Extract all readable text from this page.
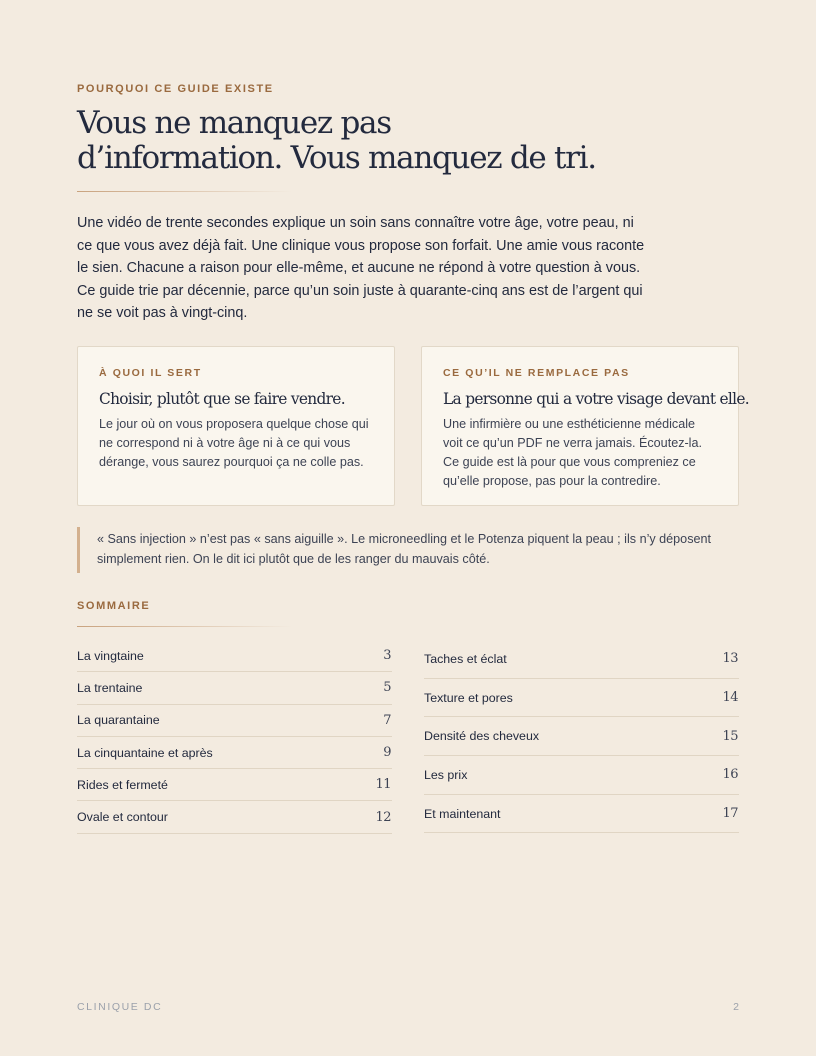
POURQUOI CE GUIDE EXISTE
Vous ne manquez pas
d’information. Vous manquez de tri.

Une vidéo de trente secondes explique un soin sans connaître votre âge, votre peau, ni ce que vous avez déjà fait. Une clinique vous propose son forfait. Une amie vous raconte le sien. Chacune a raison pour elle-même, et aucune ne répond à votre question à vous. Ce guide trie par décennie, parce qu’un soin juste à quarante-cinq ans est de l’argent qui ne se voit pas à vingt-cinq.

À QUOI IL SERT
Choisir, plutôt que se faire vendre.

Le jour où on vous proposera quelque chose qui ne correspond ni à votre âge ni à ce qui vous dérange, vous saurez pourquoi ça ne colle pas.

CE QU’IL NE REMPLACE PAS
La personne qui a votre visage devant elle.

Une infirmière ou une esthéticienne médicale voit ce qu’un PDF ne verra jamais. Écoutez-la. Ce guide est là pour que vous compreniez ce qu’elle propose, pas pour la contredire.

« Sans injection » n’est pas « sans aiguille ». Le microneedling et le Potenza piquent la peau ; ils n’y déposent simplement rien. On le dit ici plutôt que de les ranger du mauvais côté.
SOMMAIRE
La vingtaine	3
La trentaine	5
La quarantaine	7
La cinquantaine et après	9
Rides et fermeté	11
Ovale et contour	12
Taches et éclat	13
Texture et pores	14
Densité des cheveux	15
Les prix	16
Et maintenant	17
CLINIQUE DC	2
